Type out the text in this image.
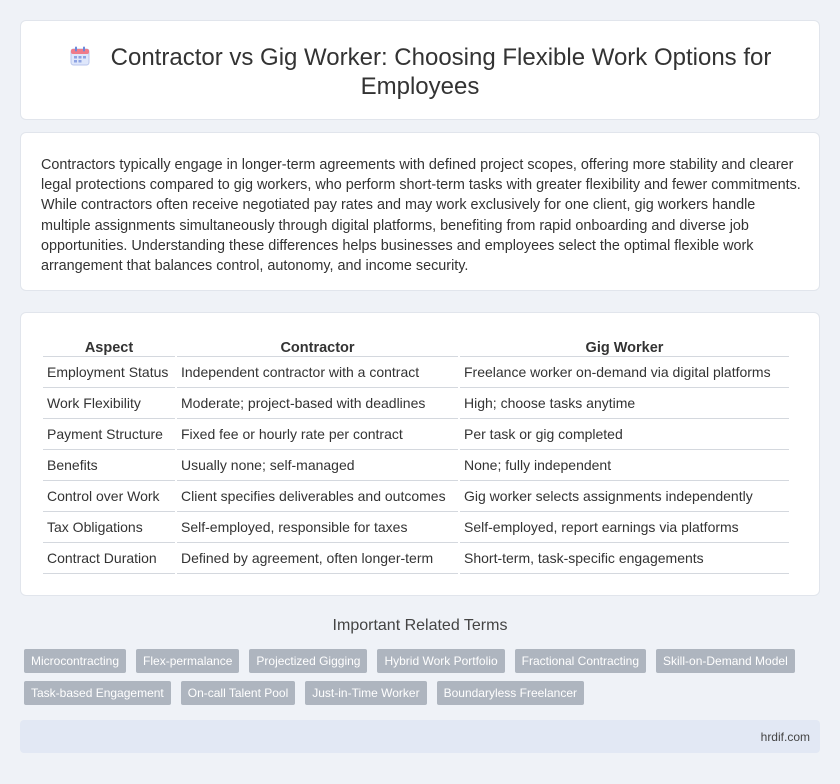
Contractor vs Gig Worker: Choosing Flexible Work Options for Employees

Contractors typically engage in longer-term agreements with defined project scopes, offering more stability and clearer legal protections compared to gig workers, who perform short-term tasks with greater flexibility and fewer commitments. While contractors often receive negotiated pay rates and may work exclusively for one client, gig workers handle multiple assignments simultaneously through digital platforms, benefiting from rapid onboarding and diverse job opportunities. Understanding these differences helps businesses and employees select the optimal flexible work arrangement that balances control, autonomy, and income security.

Aspect	Contractor	Gig Worker
Employment Status	Independent contractor with a contract	Freelance worker on-demand via digital platforms
Work Flexibility	Moderate; project-based with deadlines	High; choose tasks anytime
Payment Structure	Fixed fee or hourly rate per contract	Per task or gig completed
Benefits	Usually none; self-managed	None; fully independent
Control over Work	Client specifies deliverables and outcomes	Gig worker selects assignments independently
Tax Obligations	Self-employed, responsible for taxes	Self-employed, report earnings via platforms
Contract Duration	Defined by agreement, often longer-term	Short-term, task-specific engagements
Important Related Terms
Microcontracting	Flex-permalance	Projectized Gigging	Hybrid Work Portfolio	Fractional Contracting	Skill-on-Demand Model
Task-based Engagement	On-call Talent Pool	Just-in-Time Worker	Boundaryless Freelancer
hrdif.com
